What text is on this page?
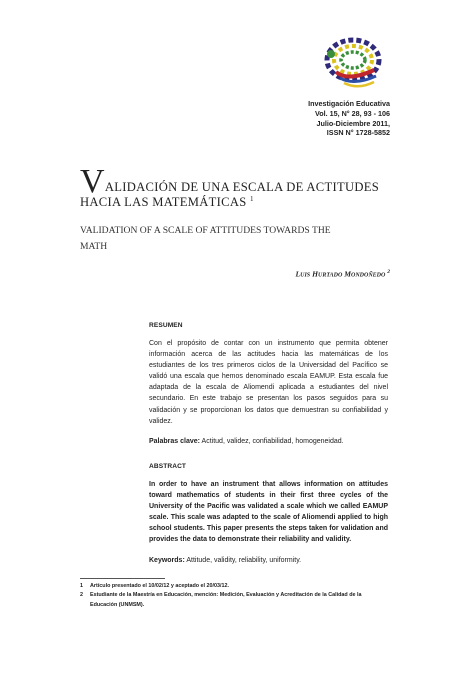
Investigación Educativa
Vol. 15, N° 28, 93 - 106
Julio-Diciembre 2011,
ISSN N° 1728-5852
VALIDACIÓN DE UNA ESCALA DE ACTITUDES
HACIA LAS MATEMÁTICAS $^1$
VALIDATION OF A SCALE OF ATTITUDES TOWARDS THE
MATH
LUIS HURTADO MONDOÑEDO $^2$
RESUMEN
Con el propósito de contar con un instrumento que permita obtener información acerca de las actitudes hacia las matemáticas de los estudiantes de los tres primeros ciclos de la Universidad del Pacífico se validó una escala que hemos denominado escala EAMUP. Esta escala fue adaptada de la escala de Aliomendi aplicada a estudiantes del nivel secundario. En este trabajo se presentan los pasos seguidos para su validación y se proporcionan los datos que demuestran su confiabilidad y validez.
Palabras clave: Actitud, validez, confiabilidad, homogeneidad.
ABSTRACT
In order to have an instrument that allows information on attitudes toward mathematics of students in their first three cycles of the University of the Pacific was validated a scale which we called EAMUP scale. This scale was adapted to the scale of Aliomendi applied to high school students. This paper presents the steps taken for validation and provides the data to demonstrate their reliability and validity.
Keywords: Attitude, validity, reliability, uniformity.
1	Artículo presentado el 10/02/12 y aceptado el 20/03/12.
2	Estudiante de la Maestría en Educación, mención: Medición, Evaluación y Acreditación de la Calidad de la Educación (UNMSM).
